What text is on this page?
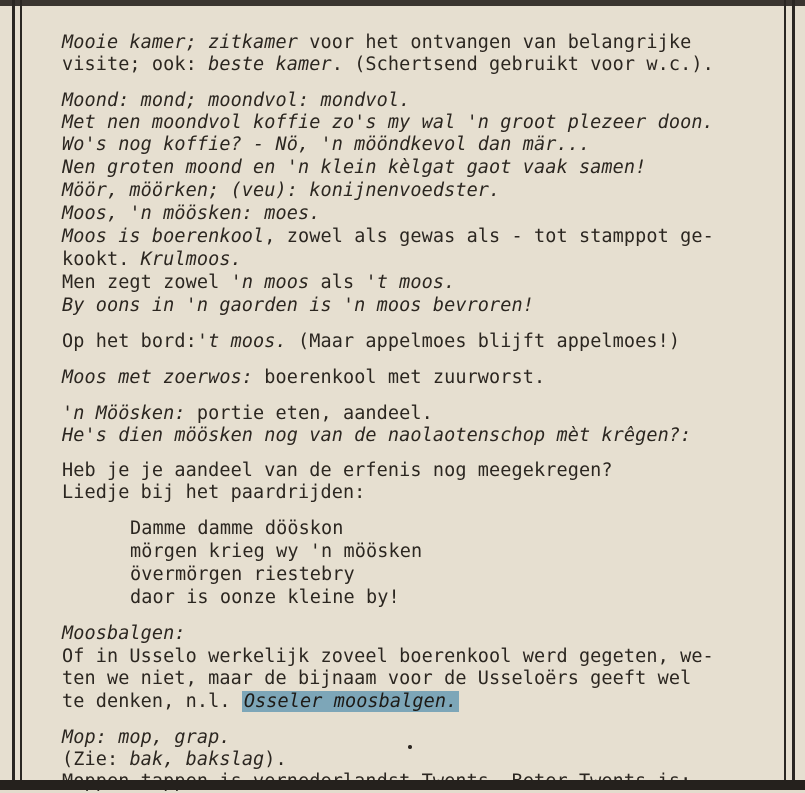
Mooie kamer; zitkamer voor het ontvangen van belangrijke
visite; ook: beste kamer. (Schertsend gebruikt voor w.c.).
Moond: mond; moondvol: mondvol.
Met nen moondvol koffie zo's my wal 'n groot plezeer doon.
Wo's nog koffie? - Nö, 'n mööndkevol dan mär...
Nen groten moond en 'n klein kèlgat gaot vaak samen!
Möör, möörken; (veu): konijnenvoedster.
Moos, 'n möösken: moes.
Moos is boerenkool, zowel als gewas als - tot stamppot ge-
kookt. Krulmoos.
Men zegt zowel 'n moos als 't moos.
By oons in 'n gaorden is 'n moos bevroren!
Op het bord:'t moos. (Maar appelmoes blijft appelmoes!)
Moos met zoerwos: boerenkool met zuurworst.
'n Möösken: portie eten, aandeel.
He's dien möösken nog van de naolaotenschop mèt krêgen?:
Heb je je aandeel van de erfenis nog meegekregen?
Liedje bij het paardrijden:
Damme damme dööskon
mörgen krieg wy 'n möösken
övermörgen riestebry
daor is oonze kleine by!
Moosbalgen:
Of in Usselo werkelijk zoveel boerenkool werd gegeten, we-
ten we niet, maar de bijnaam voor de Usseloërs geeft wel
te denken, n.l. Osseler moosbalgen.
Mop: mop, grap.
(Zie: bak, bakslag).
